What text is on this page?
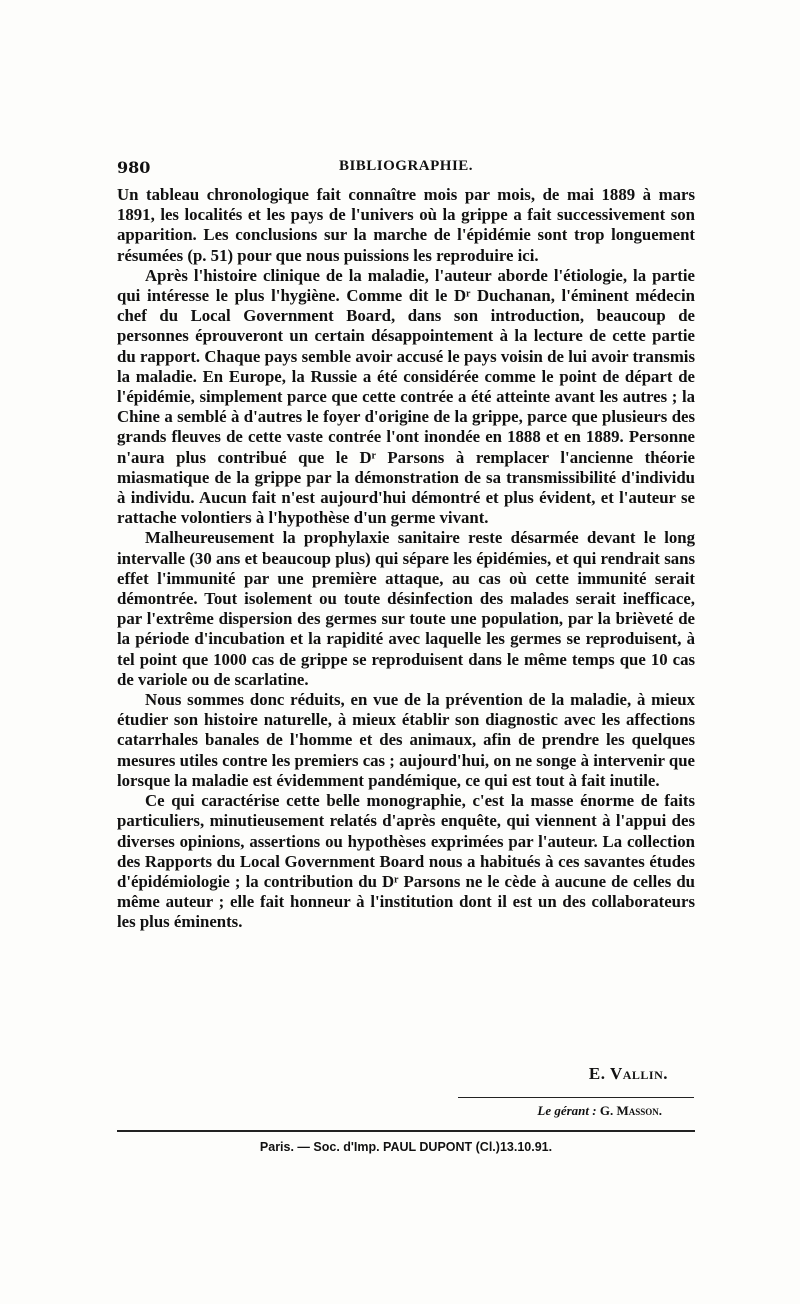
980	BIBLIOGRAPHIE.

Un tableau chronologique fait connaître mois par mois, de mai 1889 à mars 1891, les localités et les pays de l'univers où la grippe a fait successivement son apparition. Les conclusions sur la marche de l'épidémie sont trop longuement résumées (p. 51) pour que nous puissions les reproduire ici.

Après l'histoire clinique de la maladie, l'auteur aborde l'étiologie, la partie qui intéresse le plus l'hygiène. Comme dit le Dʳ Duchanan, l'éminent médecin chef du Local Government Board, dans son introduction, beaucoup de personnes éprouveront un certain désappointement à la lecture de cette partie du rapport. Chaque pays semble avoir accusé le pays voisin de lui avoir transmis la maladie. En Europe, la Russie a été considérée comme le point de départ de l'épidémie, simplement parce que cette contrée a été atteinte avant les autres ; la Chine a semblé à d'autres le foyer d'origine de la grippe, parce que plusieurs des grands fleuves de cette vaste contrée l'ont inondée en 1888 et en 1889. Personne n'aura plus contribué que le Dʳ Parsons à remplacer l'ancienne théorie miasmatique de la grippe par la démonstration de sa transmissibilité d'individu à individu. Aucun fait n'est aujourd'hui démontré et plus évident, et l'auteur se rattache volontiers à l'hypothèse d'un germe vivant.

Malheureusement la prophylaxie sanitaire reste désarmée devant le long intervalle (30 ans et beaucoup plus) qui sépare les épidémies, et qui rendrait sans effet l'immunité par une première attaque, au cas où cette immunité serait démontrée. Tout isolement ou toute désinfection des malades serait inefficace, par l'extrême dispersion des germes sur toute une population, par la brièveté de la période d'incubation et la rapidité avec laquelle les germes se reproduisent, à tel point que 1000 cas de grippe se reproduisent dans le même temps que 10 cas de variole ou de scarlatine.

Nous sommes donc réduits, en vue de la prévention de la maladie, à mieux étudier son histoire naturelle, à mieux établir son diagnostic avec les affections catarrhales banales de l'homme et des animaux, afin de prendre les quelques mesures utiles contre les premiers cas ; aujourd'hui, on ne songe à intervenir que lorsque la maladie est évidemment pandémique, ce qui est tout à fait inutile.

Ce qui caractérise cette belle monographie, c'est la masse énorme de faits particuliers, minutieusement relatés d'après enquête, qui viennent à l'appui des diverses opinions, assertions ou hypothèses exprimées par l'auteur. La collection des Rapports du Local Government Board nous a habitués à ces savantes études d'épidémiologie ; la contribution du Dʳ Parsons ne le cède à aucune de celles du même auteur ; elle fait honneur à l'institution dont il est un des collaborateurs les plus éminents.

E. Vallin.
Le gérant : G. Masson.
Paris. — Soc. d'Imp. PAUL DUPONT (Cl.)13.10.91.
